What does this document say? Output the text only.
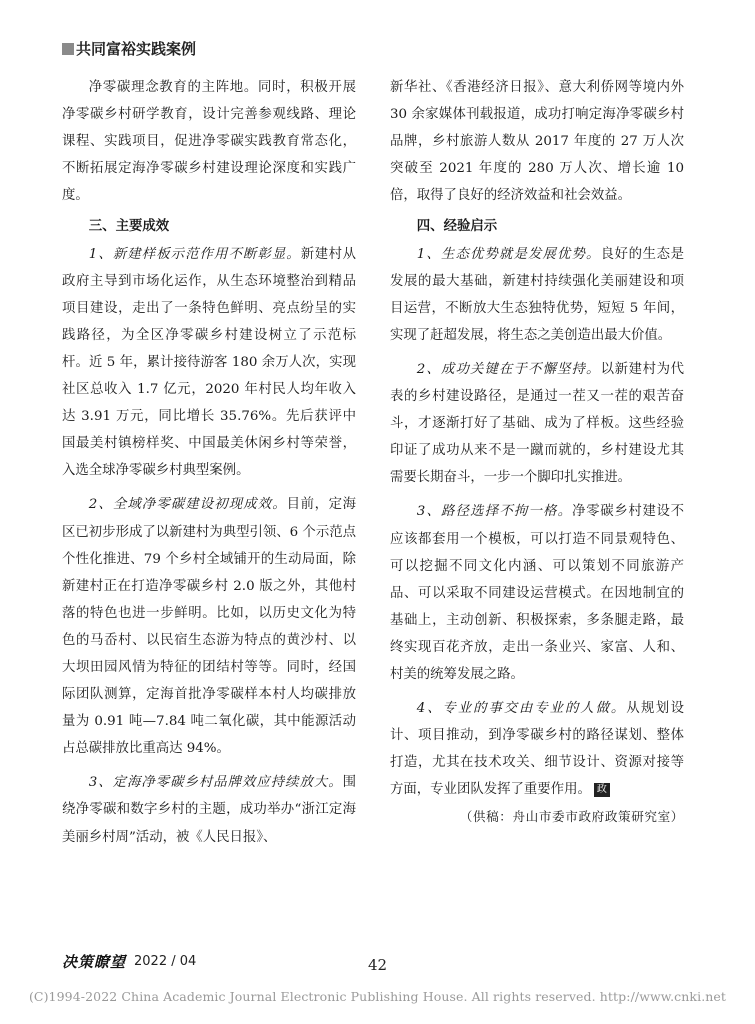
共同富裕实践案例

净零碳理念教育的主阵地。同时，积极开展净零碳乡村研学教育，设计完善参观线路、理论课程、实践项目，促进净零碳实践教育常态化，不断拓展定海净零碳乡村建设理论深度和实践广度。

三、主要成效

1、新建样板示范作用不断彰显。新建村从政府主导到市场化运作，从生态环境整治到精品项目建设，走出了一条特色鲜明、亮点纷呈的实践路径，为全区净零碳乡村建设树立了示范标杆。近 5 年，累计接待游客 180 余万人次，实现社区总收入 1.7 亿元，2020 年村民人均年收入达 3.91 万元，同比增长 35.76%。先后获评中国最美村镇榜样奖、中国最美休闲乡村等荣誉，入选全球净零碳乡村典型案例。

2、全域净零碳建设初现成效。目前，定海区已初步形成了以新建村为典型引领、6 个示范点个性化推进、79 个乡村全域铺开的生动局面，除新建村正在打造净零碳乡村 2.0 版之外，其他村落的特色也进一步鲜明。比如，以历史文化为特色的马岙村、以民宿生态游为特点的黄沙村、以大坝田园风情为特征的团结村等等。同时，经国际团队测算，定海首批净零碳样本村人均碳排放量为 0.91 吨—7.84 吨二氧化碳，其中能源活动占总碳排放比重高达 94%。

3、定海净零碳乡村品牌效应持续放大。围绕净零碳和数字乡村的主题，成功举办“浙江定海美丽乡村周”活动，被《人民日报》、

新华社、《香港经济日报》、意大利侨网等境内外 30 余家媒体刊载报道，成功打响定海净零碳乡村品牌，乡村旅游人数从 2017 年度的 27 万人次突破至 2021 年度的 280 万人次、增长逾 10 倍，取得了良好的经济效益和社会效益。

四、经验启示

1、生态优势就是发展优势。良好的生态是发展的最大基础，新建村持续强化美丽建设和项目运营，不断放大生态独特优势，短短 5 年间，实现了赶超发展，将生态之美创造出最大价值。

2、成功关键在于不懈坚持。以新建村为代表的乡村建设路径，是通过一茬又一茬的艰苦奋斗，才逐渐打好了基础、成为了样板。这些经验印证了成功从来不是一蹴而就的，乡村建设尤其需要长期奋斗，一步一个脚印扎实推进。

3、路径选择不拘一格。净零碳乡村建设不应该都套用一个模板，可以打造不同景观特色、可以挖掘不同文化内涵、可以策划不同旅游产品、可以采取不同建设运营模式。在因地制宜的基础上，主动创新、积极探索，多条腿走路，最终实现百花齐放，走出一条业兴、家富、人和、村美的统筹发展之路。

4、专业的事交由专业的人做。从规划设计、项目推动，到净零碳乡村的路径谋划、整体打造，尤其在技术攻关、细节设计、资源对接等方面，专业团队发挥了重要作用。 政

（供稿：舟山市委市政府政策研究室）

决策瞭望 2022 / 04	42
(C)1994-2022 China Academic Journal Electronic Publishing House. All rights reserved. http://www.cnki.net
